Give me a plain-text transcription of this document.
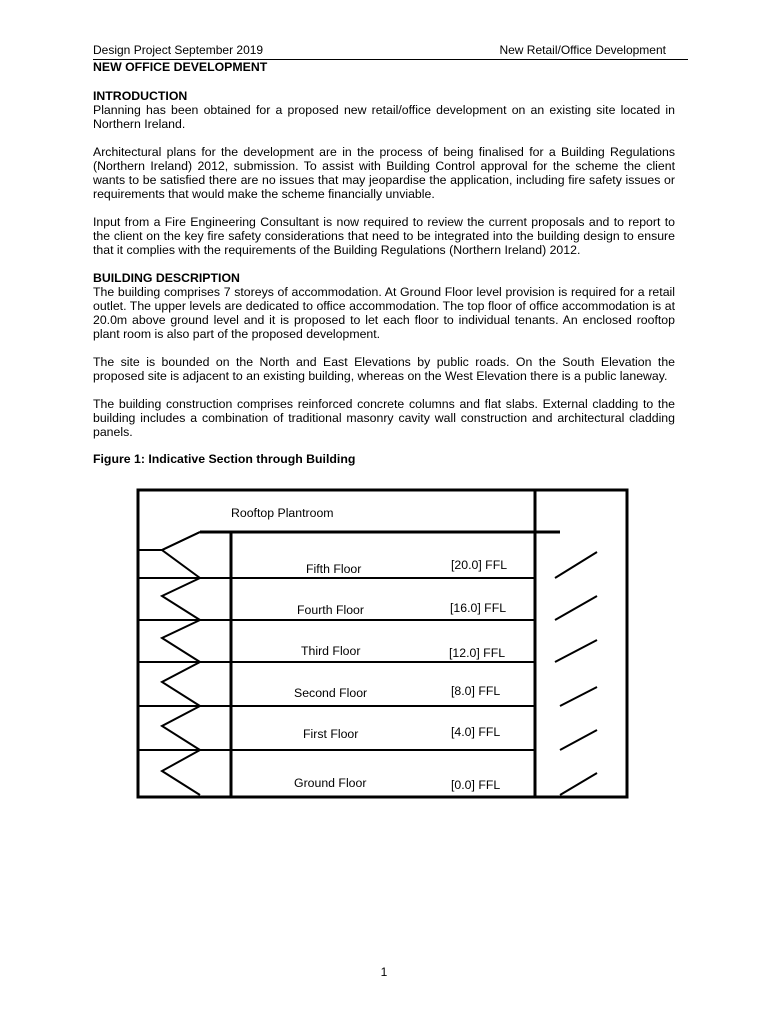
Design Project September 2019	New Retail/Office Development
NEW OFFICE DEVELOPMENT
INTRODUCTION

Planning has been obtained for a proposed new retail/office development on an existing site located in Northern Ireland.

Architectural plans for the development are in the process of being finalised for a Building Regulations (Northern Ireland) 2012, submission. To assist with Building Control approval for the scheme the client wants to be satisfied there are no issues that may jeopardise the application, including fire safety issues or requirements that would make the scheme financially unviable.

Input from a Fire Engineering Consultant is now required to review the current proposals and to report to the client on the key fire safety considerations that need to be integrated into the building design to ensure that it complies with the requirements of the Building Regulations (Northern Ireland) 2012.

BUILDING DESCRIPTION

The building comprises 7 storeys of accommodation. At Ground Floor level provision is required for a retail outlet. The upper levels are dedicated to office accommodation. The top floor of office accommodation is at 20.0m above ground level and it is proposed to let each floor to individual tenants. An enclosed rooftop plant room is also part of the proposed development.

The site is bounded on the North and East Elevations by public roads. On the South Elevation the proposed site is adjacent to an existing building, whereas on the West Elevation there is a public laneway.

The building construction comprises reinforced concrete columns and flat slabs. External cladding to the building includes a combination of traditional masonry cavity wall construction and architectural cladding panels.

Figure 1: Indicative Section through Building
Rooftop Plantroom
Fifth Floor	[20.0] FFL
Fourth Floor	[16.0] FFL
Third Floor	[12.0] FFL
Second Floor	[8.0] FFL
First Floor	[4.0] FFL
Ground Floor	[0.0] FFL
1
